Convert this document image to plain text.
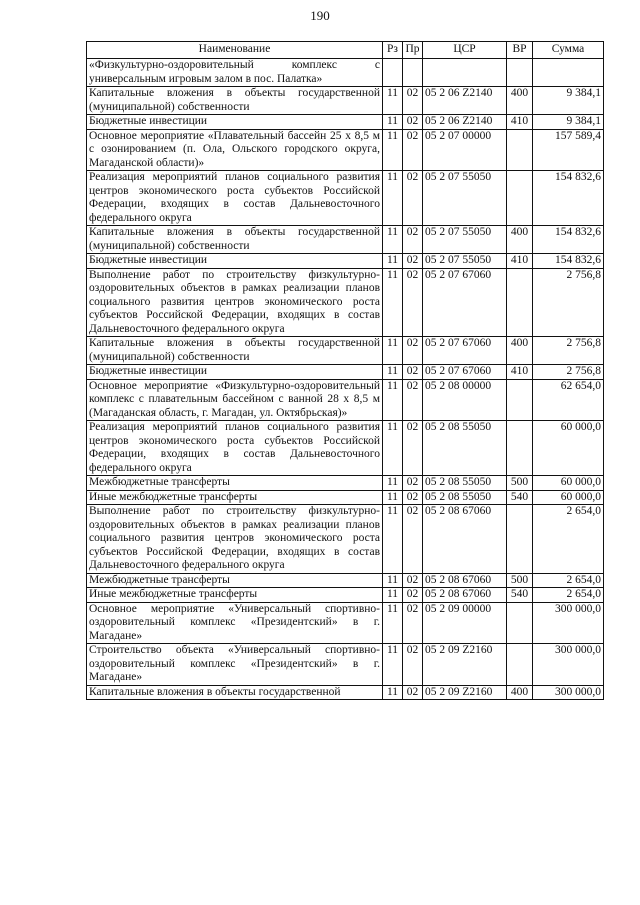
190
Наименование	Рз	Пр	ЦСР	ВР	Сумма
«Физкультурно-оздоровительный комплекс с универсальным игровым залом в пос. Палатка»					
Капитальные вложения в объекты государственной (муниципальной) собственности	11	02	05 2 06 Z2140	400	9 384,1
Бюджетные инвестиции	11	02	05 2 06 Z2140	410	9 384,1
Основное мероприятие «Плавательный бассейн 25 х 8,5 м с озонированием (п. Ола, Ольского городского округа, Магаданской области)»	11	02	05 2 07 00000		157 589,4
Реализация мероприятий планов социального развития центров экономического роста субъектов Российской Федерации, входящих в состав Дальневосточного федерального округа	11	02	05 2 07 55050		154 832,6
Капитальные вложения в объекты государственной (муниципальной) собственности	11	02	05 2 07 55050	400	154 832,6
Бюджетные инвестиции	11	02	05 2 07 55050	410	154 832,6
Выполнение работ по строительству физкультурно-оздоровительных объектов в рамках реализации планов социального развития центров экономического роста субъектов Российской Федерации, входящих в состав Дальневосточного федерального округа	11	02	05 2 07 67060		2 756,8
Капитальные вложения в объекты государственной (муниципальной) собственности	11	02	05 2 07 67060	400	2 756,8
Бюджетные инвестиции	11	02	05 2 07 67060	410	2 756,8
Основное мероприятие «Физкультурно-оздоровительный комплекс с плавательным бассейном с ванной 28 х 8,5 м (Магаданская область, г. Магадан, ул. Октябрьская)»	11	02	05 2 08 00000		62 654,0
Реализация мероприятий планов социального развития центров экономического роста субъектов Российской Федерации, входящих в состав Дальневосточного федерального округа	11	02	05 2 08 55050		60 000,0
Межбюджетные трансферты	11	02	05 2 08 55050	500	60 000,0
Иные межбюджетные трансферты	11	02	05 2 08 55050	540	60 000,0
Выполнение работ по строительству физкультурно-оздоровительных объектов в рамках реализации планов социального развития центров экономического роста субъектов Российской Федерации, входящих в состав Дальневосточного федерального округа	11	02	05 2 08 67060		2 654,0
Межбюджетные трансферты	11	02	05 2 08 67060	500	2 654,0
Иные межбюджетные трансферты	11	02	05 2 08 67060	540	2 654,0
Основное мероприятие «Универсальный спортивно-оздоровительный комплекс «Президентский» в г. Магадане»	11	02	05 2 09 00000		300 000,0
Строительство объекта «Универсальный спортивно-оздоровительный комплекс «Президентский» в г. Магадане»	11	02	05 2 09 Z2160		300 000,0
Капитальные вложения в объекты государственной	11	02	05 2 09 Z2160	400	300 000,0
